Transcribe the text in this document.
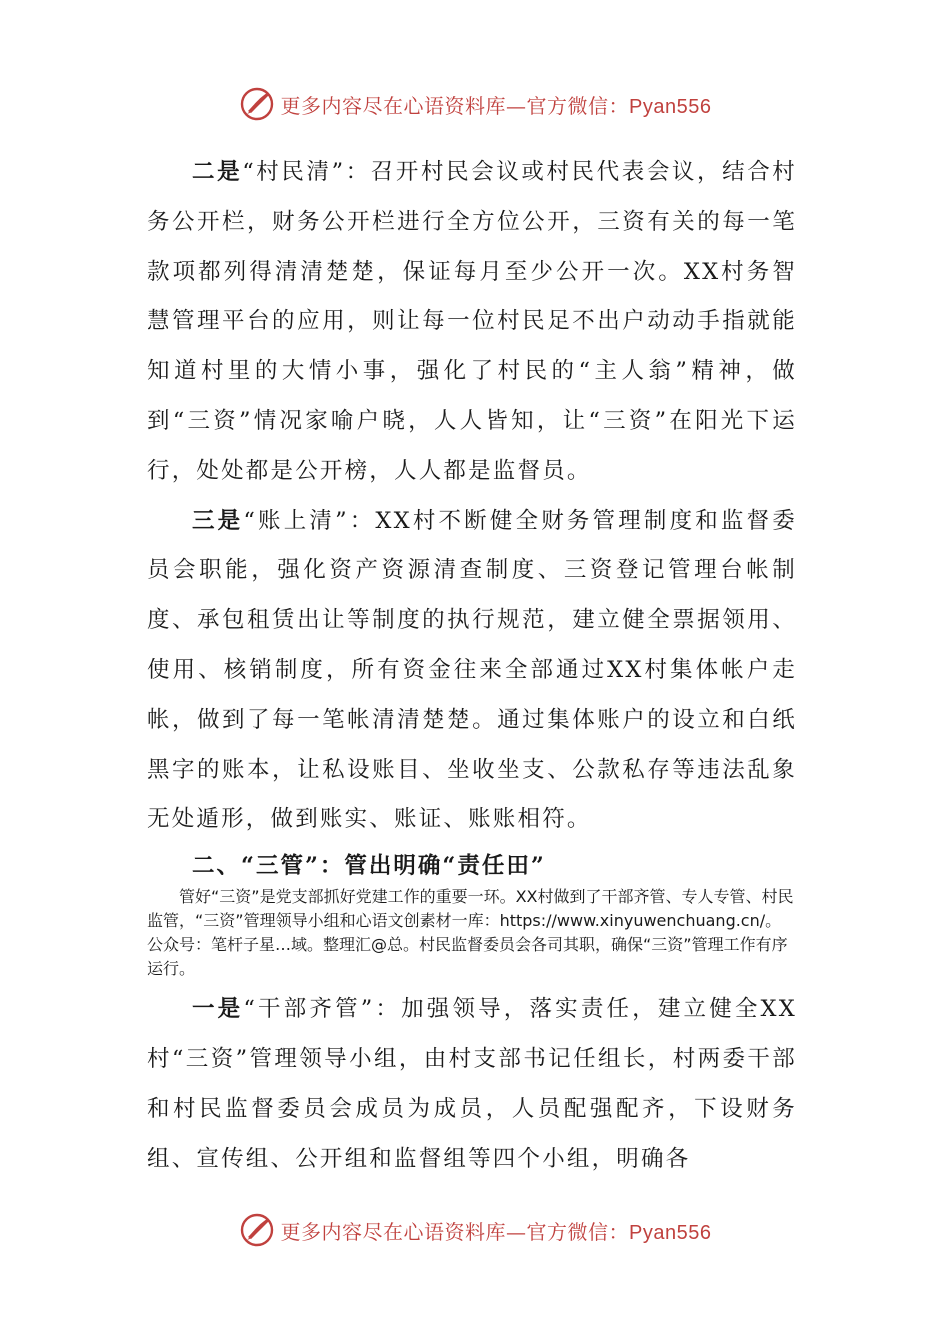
更多内容尽在心语资料库—官方微信：Pyan556

二是“村民清”：召开村民会议或村民代表会议，结合村务公开栏，财务公开栏进行全方位公开，三资有关的每一笔款项都列得清清楚楚，保证每月至少公开一次。XX村务智慧管理平台的应用，则让每一位村民足不出户动动手指就能知道村里的大情小事，强化了村民的“主人翁”精神，做到“三资”情况家喻户晓，人人皆知，让“三资”在阳光下运行，处处都是公开榜，人人都是监督员。

三是“账上清”：XX村不断健全财务管理制度和监督委员会职能，强化资产资源清查制度、三资登记管理台帐制度、承包租赁出让等制度的执行规范，建立健全票据领用、使用、核销制度，所有资金往来全部通过XX村集体帐户走帐，做到了每一笔帐清清楚楚。通过集体账户的设立和白纸黑字的账本，让私设账目、坐收坐支、公款私存等违法乱象无处遁形，做到账实、账证、账账相符。

二、“三管”：管出明确“责任田”

管好“三资”是党支部抓好党建工作的重要一环。XX村做到了干部齐管、专人专管、村民监管，“三资”管理领导小组和心语文创素材一库：https://www.xinyuwenchuang.cn/。公众号：笔杆子星…域。整理汇@总。村民监督委员会各司其职，确保“三资”管理工作有序运行。

一是“干部齐管”：加强领导，落实责任，建立健全XX村“三资”管理领导小组，由村支部书记任组长，村两委干部和村民监督委员会成员为成员，人员配强配齐，下设财务组、宣传组、公开组和监督组等四个小组，明确各

更多内容尽在心语资料库—官方微信：Pyan556
